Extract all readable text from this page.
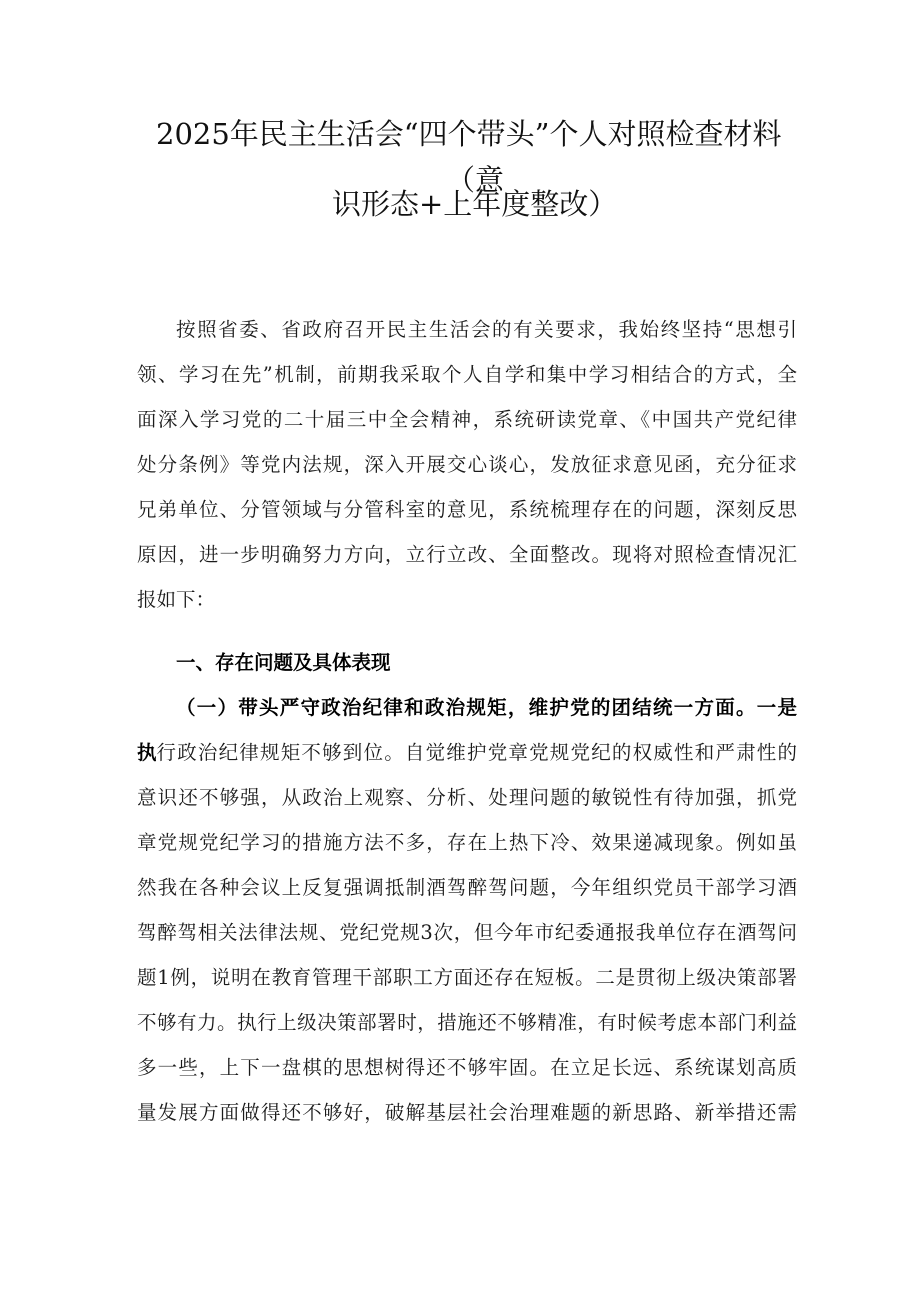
2025年民主生活会“四个带头”个人对照检查材料
（意
识形态+上年度整改）
按照省委、省政府召开民主生活会的有关要求，我始终坚持“思想引
领、学习在先”机制，前期我采取个人自学和集中学习相结合的方式，全
面深入学习党的二十届三中全会精神，系统研读党章、《中国共产党纪律
处分条例》等党内法规，深入开展交心谈心，发放征求意见函，充分征求
兄弟单位、分管领域与分管科室的意见，系统梳理存在的问题，深刻反思
原因，进一步明确努力方向，立行立改、全面整改。现将对照检查情况汇
报如下：
一、存在问题及具体表现
（一）带头严守政治纪律和政治规矩，维护党的团结统一方面。一是
执 行政治纪律规矩不够到位。自觉维护党章党规党纪的权威性和严肃性的
意识还不够强，从政治上观察、分析、处理问题的敏锐性有待加强，抓党
章党规党纪学习的措施方法不多，存在上热下冷、效果递减现象。例如虽
然我在各种会议上反复强调抵制酒驾醉驾问题，今年组织党员干部学习酒
驾醉驾相关法律法规、党纪党规3次，但今年市纪委通报我单位存在酒驾问
题1例，说明在教育管理干部职工方面还存在短板。二是贯彻上级决策部署
不够有力。执行上级决策部署时，措施还不够精准，有时候考虑本部门利益
多一些，上下一盘棋的思想树得还不够牢固。在立足长远、系统谋划高质
量发展方面做得还不够好，破解基层社会治理难题的新思路、新举措还需
